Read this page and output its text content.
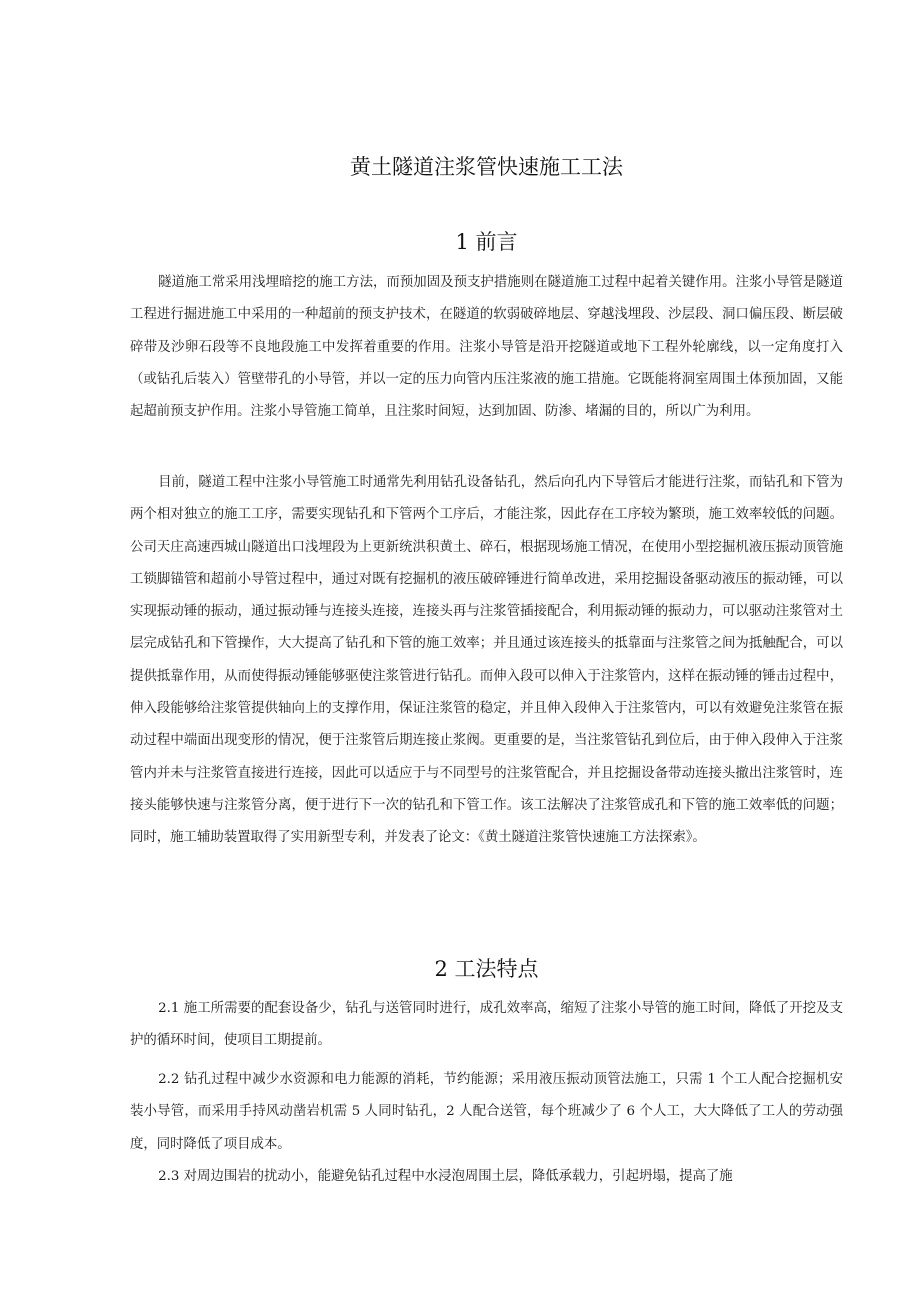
黄土隧道注浆管快速施工工法
1 前言

隧道施工常采用浅埋暗挖的施工方法，而预加固及预支护措施则在隧道施工过程中起着关键作用。注浆小导管是隧道工程进行掘进施工中采用的一种超前的预支护技术，在隧道的软弱破碎地层、穿越浅埋段、沙层段、洞口偏压段、断层破碎带及沙卵石段等不良地段施工中发挥着重要的作用。注浆小导管是沿开挖隧道或地下工程外轮廓线，以一定角度打入（或钻孔后装入）管壁带孔的小导管，并以一定的压力向管内压注浆液的施工措施。它既能将洞室周围土体预加固，又能起超前预支护作用。注浆小导管施工简单，且注浆时间短，达到加固、防渗、堵漏的目的，所以广为利用。

目前，隧道工程中注浆小导管施工时通常先利用钻孔设备钻孔，然后向孔内下导管后才能进行注浆，而钻孔和下管为两个相对独立的施工工序，需要实现钻孔和下管两个工序后，才能注浆，因此存在工序较为繁琐，施工效率较低的问题。公司天庄高速西城山隧道出口浅埋段为上更新统洪积黄土、碎石，根据现场施工情况，在使用小型挖掘机液压振动顶管施工锁脚锚管和超前小导管过程中，通过对既有挖掘机的液压破碎锤进行简单改进，采用挖掘设备驱动液压的振动锤，可以实现振动锤的振动，通过振动锤与连接头连接，连接头再与注浆管插接配合，利用振动锤的振动力，可以驱动注浆管对土层完成钻孔和下管操作，大大提高了钻孔和下管的施工效率；并且通过该连接头的抵靠面与注浆管之间为抵触配合，可以提供抵靠作用，从而使得振动锤能够驱使注浆管进行钻孔。而伸入段可以伸入于注浆管内，这样在振动锤的锤击过程中，伸入段能够给注浆管提供轴向上的支撑作用，保证注浆管的稳定，并且伸入段伸入于注浆管内，可以有效避免注浆管在振动过程中端面出现变形的情况，便于注浆管后期连接止浆阀。更重要的是，当注浆管钻孔到位后，由于伸入段伸入于注浆管内并未与注浆管直接进行连接，因此可以适应于与不同型号的注浆管配合，并且挖掘设备带动连接头撤出注浆管时，连接头能够快速与注浆管分离，便于进行下一次的钻孔和下管工作。该工法解决了注浆管成孔和下管的施工效率低的问题；同时，施工辅助装置取得了实用新型专利，并发表了论文：《黄土隧道注浆管快速施工方法探索》。

2 工法特点

2.1 施工所需要的配套设备少，钻孔与送管同时进行，成孔效率高，缩短了注浆小导管的施工时间，降低了开挖及支护的循环时间，使项目工期提前。

2.2 钻孔过程中减少水资源和电力能源的消耗，节约能源；采用液压振动顶管法施工，只需 1 个工人配合挖掘机安装小导管，而采用手持风动凿岩机需 5 人同时钻孔，2 人配合送管，每个班减少了 6 个人工，大大降低了工人的劳动强度，同时降低了项目成本。

2.3 对周边围岩的扰动小，能避免钻孔过程中水浸泡周围土层，降低承载力，引起坍塌，提高了施
